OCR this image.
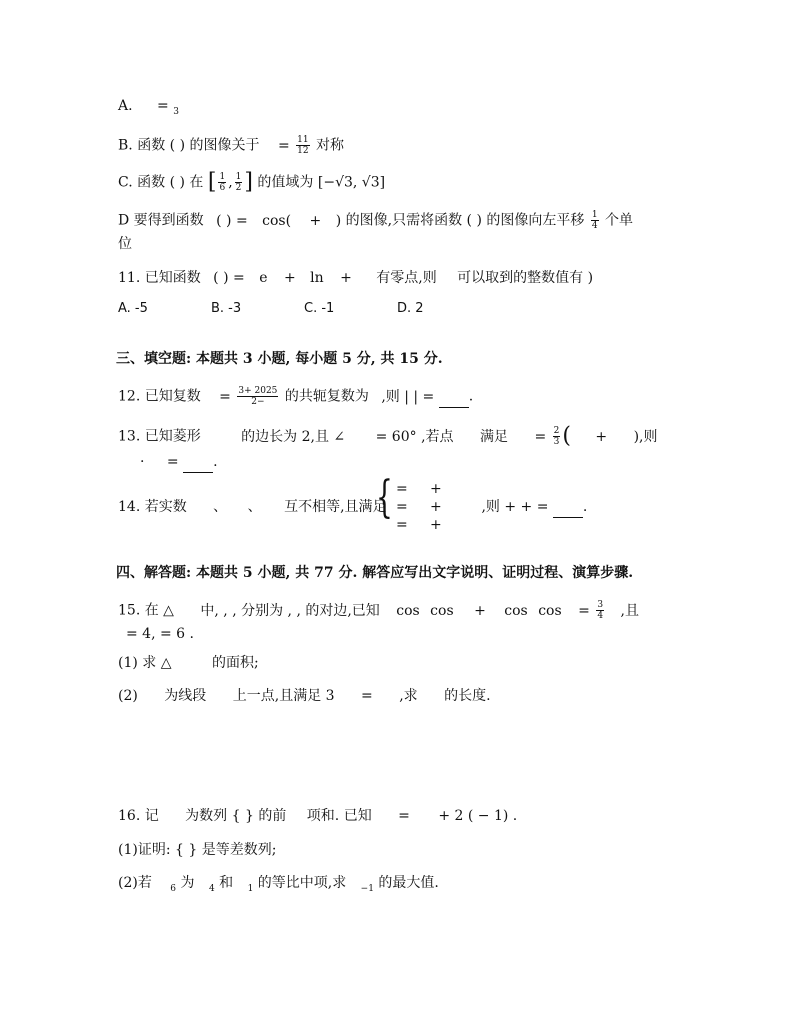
A. = $_3$
B. 函数 ( ) 的图像关于 = $\frac{11}{12}$ 对称
C. 函数 ( ) 在 [ $\frac{1}{6}$ , $\frac{1}{2}$ ] 的值域为 [−√3, √3]
D 要得到函数 ( ) = cos( + ) 的图像,只需将函数 ( ) 的图像向左平移 $\frac{1}{4}$ 个单
位
11. 已知函数 ( ) = e + ln + 有零点,则 可以取到的整数值有 )
A. -5	B. -3	C. -1	D. 2
三、填空题: 本题共 3 小题, 每小题 5 分, 共 15 分.
12. 已知复数 = $\frac{3+ 2025}{2-}$ 的共轭复数为 ,则 | | = .
13. 已知菱形	的边长为 2,且 ∠ = 60° ,若点 满足 = $\frac{2}{3}$ ( + ),则
· = .
14. 若实数 、 、 互不相等,且满足	,则 + + = .
{ =     +
=     +
=     +
四、解答题: 本题共 5 小题, 共 77 分. 解答应写出文字说明、证明过程、演算步骤.
15. 在 △ 中, , , 分别为 , , 的对边,已知 $\cos \cos + \cos \cos = \frac{3}{4}$ ,且
= 4, = 6 .
(1) 求 △	的面积;
(2) 为线段 上一点,且满足 3 = ,求 的长度.
16. 记 为数列 { } 的前 项和. 已知 = + 2 ( − 1) .
(1)证明: { } 是等差数列;
(2)若 $_6$ 为 $_4$ 和 $_1$ 的等比中项,求 $_{-1}$ 的最大值.
